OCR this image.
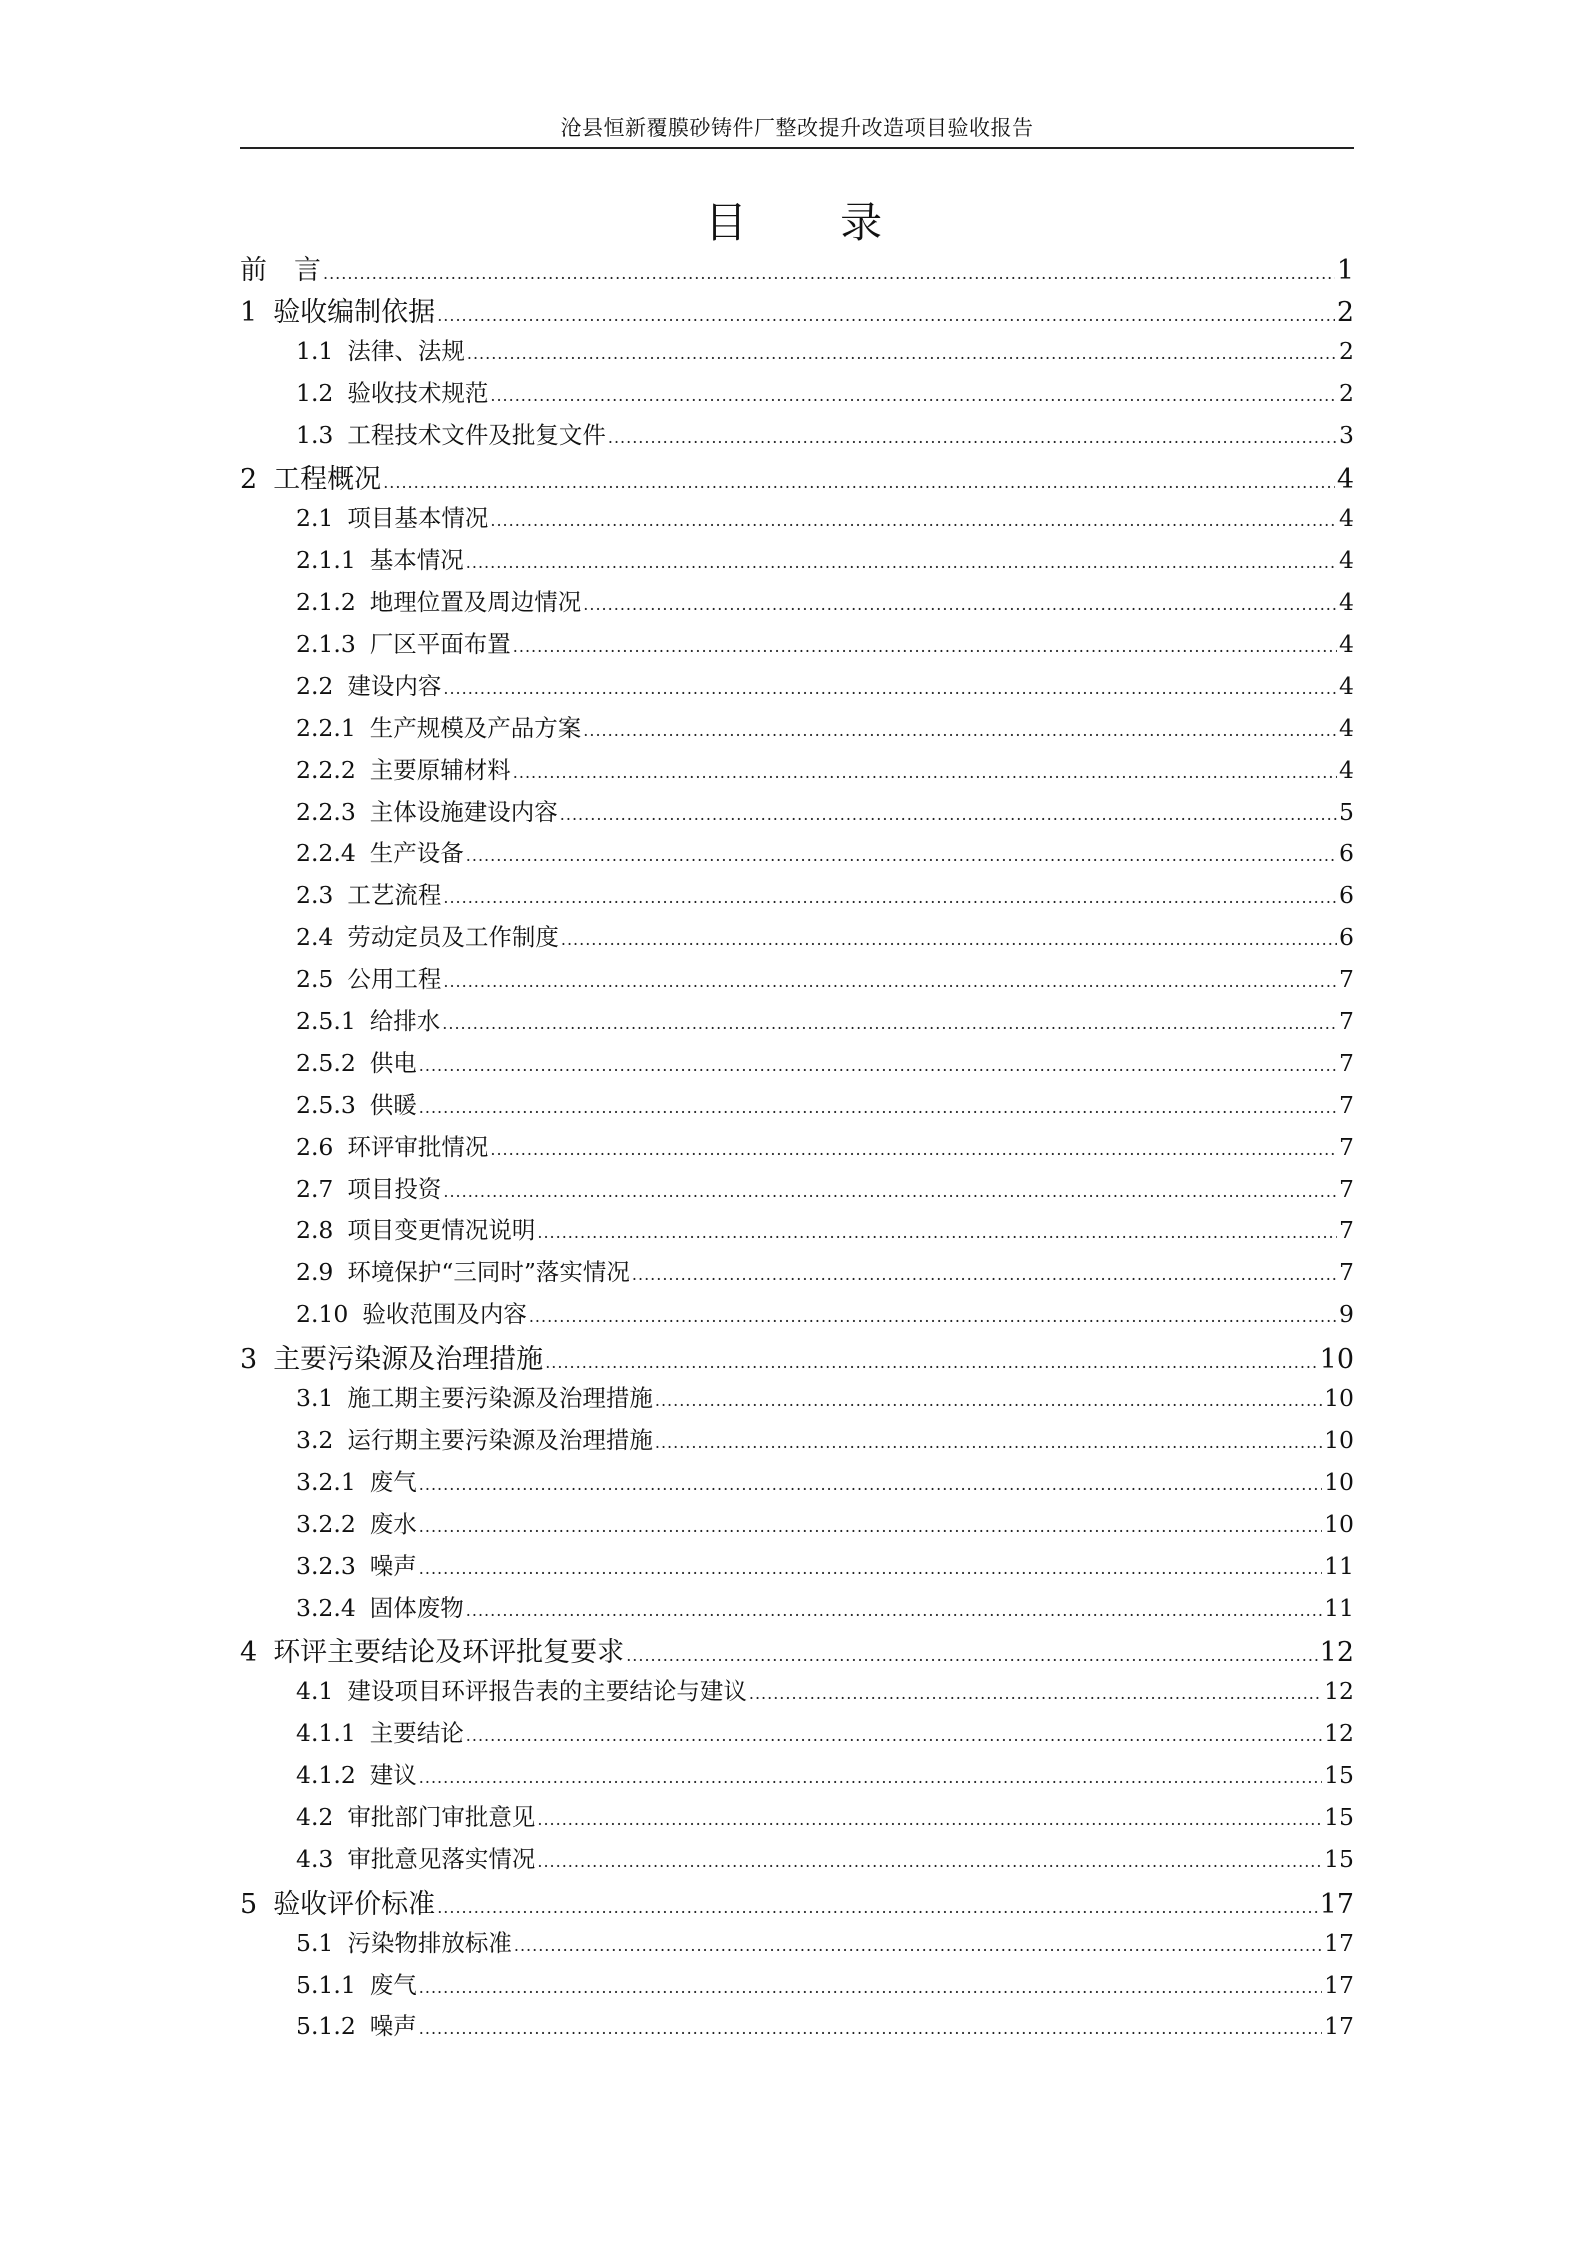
沧县恒新覆膜砂铸件厂整改提升改造项目验收报告
目 录
前　言 .....	1
1 验收编制依据 .....	2
1.1 法律、法规 .....	2
1.2 验收技术规范 .....	2
1.3 工程技术文件及批复文件 .....	3
2 工程概况 .....	4
2.1 项目基本情况 .....	4
2.1.1 基本情况 .....	4
2.1.2 地理位置及周边情况 .....	4
2.1.3 厂区平面布置 .....	4
2.2 建设内容 .....	4
2.2.1 生产规模及产品方案 .....	4
2.2.2 主要原辅材料 .....	4
2.2.3 主体设施建设内容 .....	5
2.2.4 生产设备 .....	6
2.3 工艺流程 .....	6
2.4 劳动定员及工作制度 .....	6
2.5 公用工程 .....	7
2.5.1 给排水 .....	7
2.5.2 供电 .....	7
2.5.3 供暖 .....	7
2.6 环评审批情况 .....	7
2.7 项目投资 .....	7
2.8 项目变更情况说明 .....	7
2.9 环境保护“三同时”落实情况 .....	7
2.10 验收范围及内容 .....	9
3 主要污染源及治理措施 .....	10
3.1 施工期主要污染源及治理措施 .....	10
3.2 运行期主要污染源及治理措施 .....	10
3.2.1 废气 .....	10
3.2.2 废水 .....	10
3.2.3 噪声 .....	11
3.2.4 固体废物 .....	11
4 环评主要结论及环评批复要求 .....	12
4.1 建设项目环评报告表的主要结论与建议 .....	12
4.1.1 主要结论 .....	12
4.1.2 建议 .....	15
4.2 审批部门审批意见 .....	15
4.3 审批意见落实情况 .....	15
5 验收评价标准 .....	17
5.1 污染物排放标准 .....	17
5.1.1 废气 .....	17
5.1.2 噪声 .....	17
